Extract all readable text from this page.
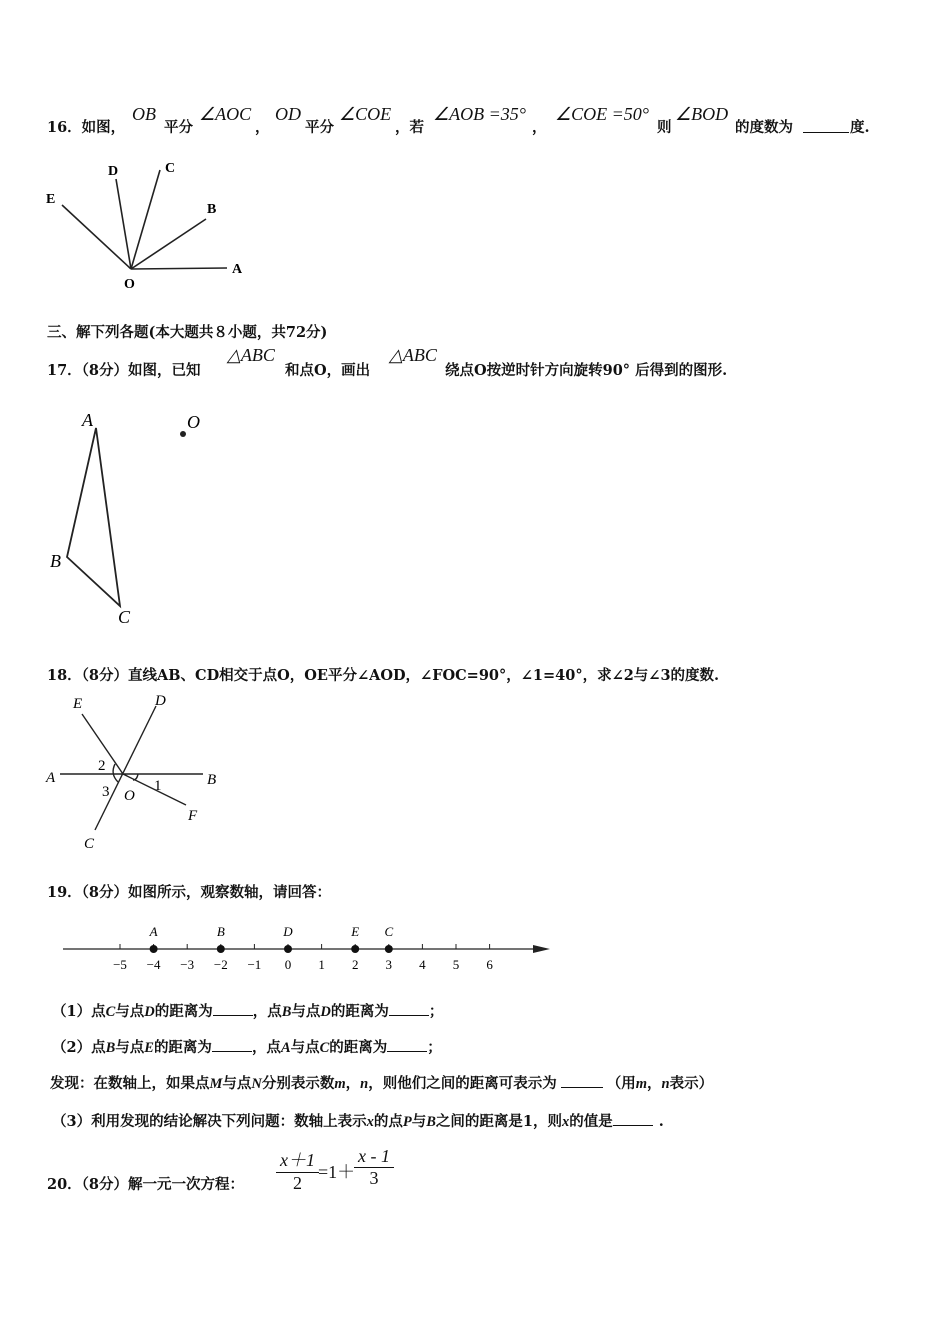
16．如图，
OB
平分
∠AOC
，
OD
平分
∠COE
，若
∠AOB =35°
，
∠COE =50°
则
∠BOD
的度数为	度.
D	C
E
B
A
O
三、解下列各题(本大题共８小题，共72分)
17．（8分）如图，已知
△ABC
和点O，画出
△ABC
绕点O按逆时针方向旋转90° 后得到的图形.
A	O
B
C
18．（8分）直线AB、CD相交于点O，OE平分∠AOD，∠FOC=90°，∠1=40°，求∠2与∠3的度数.
E	D
A
2
B
3 O
1
F
C
19．（8分）如图所示，观察数轴，请回答：
−5 −4 −3 −2 −1 0 1 2 3 4 5 6
A	B	D	E C
（1）点C与点D的距离为	，点B与点D的距离为	；
（2）点B与点E的距离为	，点A与点C的距离为	；
发现：在数轴上，如果点M与点N分别表示数m，n，则他们之间的距离可表示为	（用m，n表示）
（3）利用发现的结论解决下列问题：数轴上表示x的点P与B之间的距离是1，则x的值是	.
20．（8分）解一元一次方程： $\frac{x+1}{2} =1+$
$\frac{x - 1}{3}$
